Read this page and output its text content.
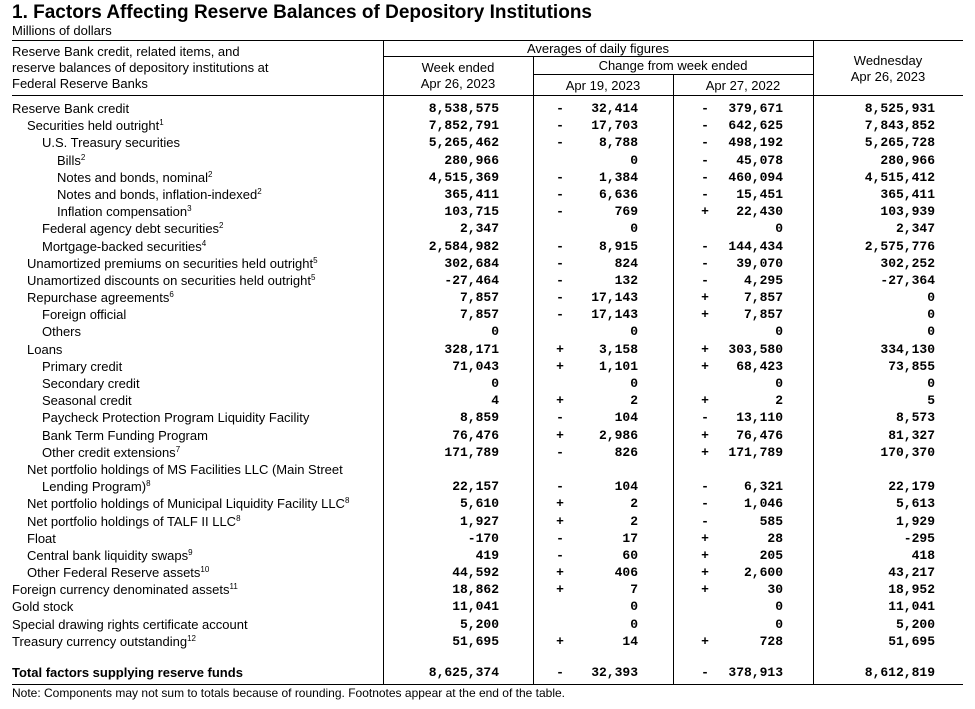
1. Factors Affecting Reserve Balances of Depository Institutions
Millions of dollars
Reserve Bank credit, related items, and
reserve balances of depository institutions at
Federal Reserve Banks
Averages of daily figures
Week ended
Apr 26, 2023
Change from week ended
Apr 19, 2023	Apr 27, 2022
Wednesday
Apr 26, 2023
Reserve Bank credit	8,538,575	- 32,414	- 379,671	8,525,931
Securities held outright$^1$	7,852,791	- 17,703	- 642,625	7,843,852
U.S. Treasury securities	5,265,462	-	8,788	- 498,192	5,265,728
Bills$^2$	280,966	0	- 45,078	280,966
Notes and bonds, nominal$^2$	4,515,369	-	1,384	- 460,094	4,515,412
Notes and bonds, inflation-indexed$^2$	365,411	-	6,636	- 15,451	365,411
Inflation compensation$^3$	103,715	-	769	+ 22,430	103,939
Federal agency debt securities$^2$	2,347	0	0	2,347
Mortgage-backed securities$^4$	2,584,982	-	8,915	- 144,434	2,575,776
Unamortized premiums on securities held outright$^5$	302,684	-	824	- 39,070	302,252
Unamortized discounts on securities held outright$^5$	-27,464	-	132	-	4,295	-27,364
Repurchase agreements$^6$	7,857	- 17,143	+	7,857	0
Foreign official	7,857	- 17,143	+	7,857	0
Others	0	0	0	0
Loans	328,171	+	3,158	+ 303,580	334,130
Primary credit	71,043	+	1,101	+ 68,423	73,855
Secondary credit	0	0	0	0
Seasonal credit	4	+	2	+	2	5
Paycheck Protection Program Liquidity Facility	8,859	-	104	- 13,110	8,573
Bank Term Funding Program	76,476	+	2,986	+ 76,476	81,327
Other credit extensions$^7$	171,789	-	826	+ 171,789	170,370
Net portfolio holdings of MS Facilities LLC (Main Street
Lending Program)$^8$	22,157	-	104	-	6,321	22,179
Net portfolio holdings of Municipal Liquidity Facility LLC$^8$	5,610	+	2	-	1,046	5,613
Net portfolio holdings of TALF II LLC$^8$	1,927	+	2	-	585	1,929
Float	-170	-	17	+	28	-295
Central bank liquidity swaps$^9$	419	-	60	+	205	418
Other Federal Reserve assets$^{10}$	44,592	+	406	+	2,600	43,217
Foreign currency denominated assets$^{11}$	18,862	+	7	+	30	18,952
Gold stock	11,041	0	0	11,041
Special drawing rights certificate account	5,200	0	0	5,200
Treasury currency outstanding$^{12}$	51,695	+	14	+	728	51,695
Total factors supplying reserve funds	8,625,374	- 32,393	- 378,913	8,612,819
Note: Components may not sum to totals because of rounding. Footnotes appear at the end of the table.
